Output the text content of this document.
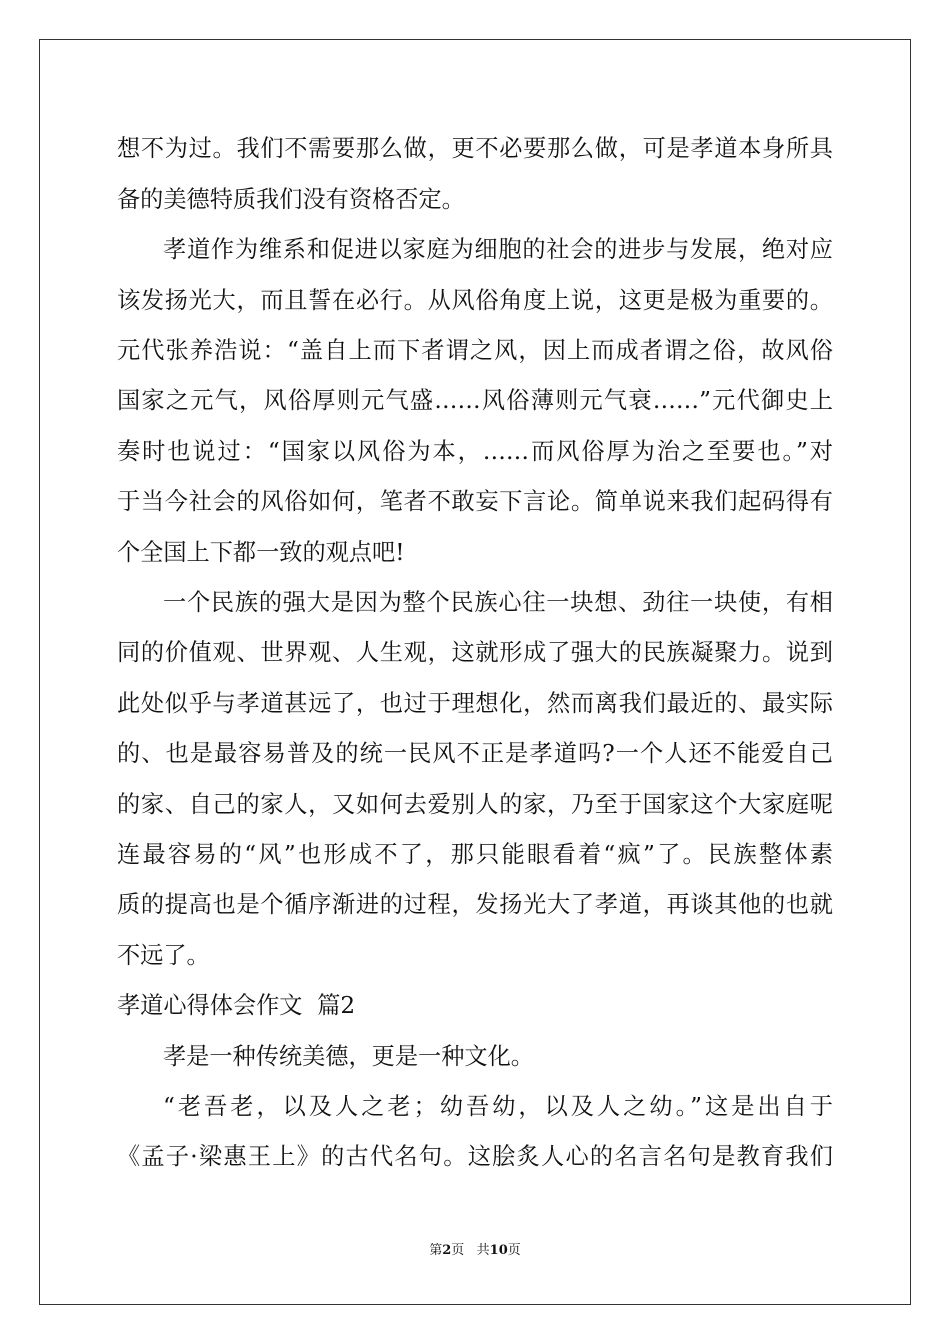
想不为过。我们不需要那么做，更不必要那么做，可是孝道本身所具
备的美德特质我们没有资格否定。
孝道作为维系和促进以家庭为细胞的社会的进步与发展，绝对应
该发扬光大，而且誓在必行。从风俗角度上说，这更是极为重要的。
元代张养浩说：“盖自上而下者谓之风，因上而成者谓之俗，故风俗
国家之元气，风俗厚则元气盛……风俗薄则元气衰……”元代御史上
奏时也说过：“国家以风俗为本，……而风俗厚为治之至要也。”对
于当今社会的风俗如何，笔者不敢妄下言论。简单说来我们起码得有
个全国上下都一致的观点吧!
一个民族的强大是因为整个民族心往一块想、劲往一块使，有相
同的价值观、世界观、人生观，这就形成了强大的民族凝聚力。说到
此处似乎与孝道甚远了，也过于理想化，然而离我们最近的、最实际
的、也是最容易普及的统一民风不正是孝道吗?一个人还不能爱自己
的家、自己的家人，又如何去爱别人的家，乃至于国家这个大家庭呢
连最容易的“风”也形成不了，那只能眼看着“疯”了。民族整体素
质的提高也是个循序渐进的过程，发扬光大了孝道，再谈其他的也就
不远了。
孝道心得体会作文  篇2
孝是一种传统美德，更是一种文化。
“老吾老，以及人之老；幼吾幼，以及人之幼。”这是出自于
《孟子·梁惠王上》的古代名句。这脍炙人心的名言名句是教育我们
第2页   共10页
